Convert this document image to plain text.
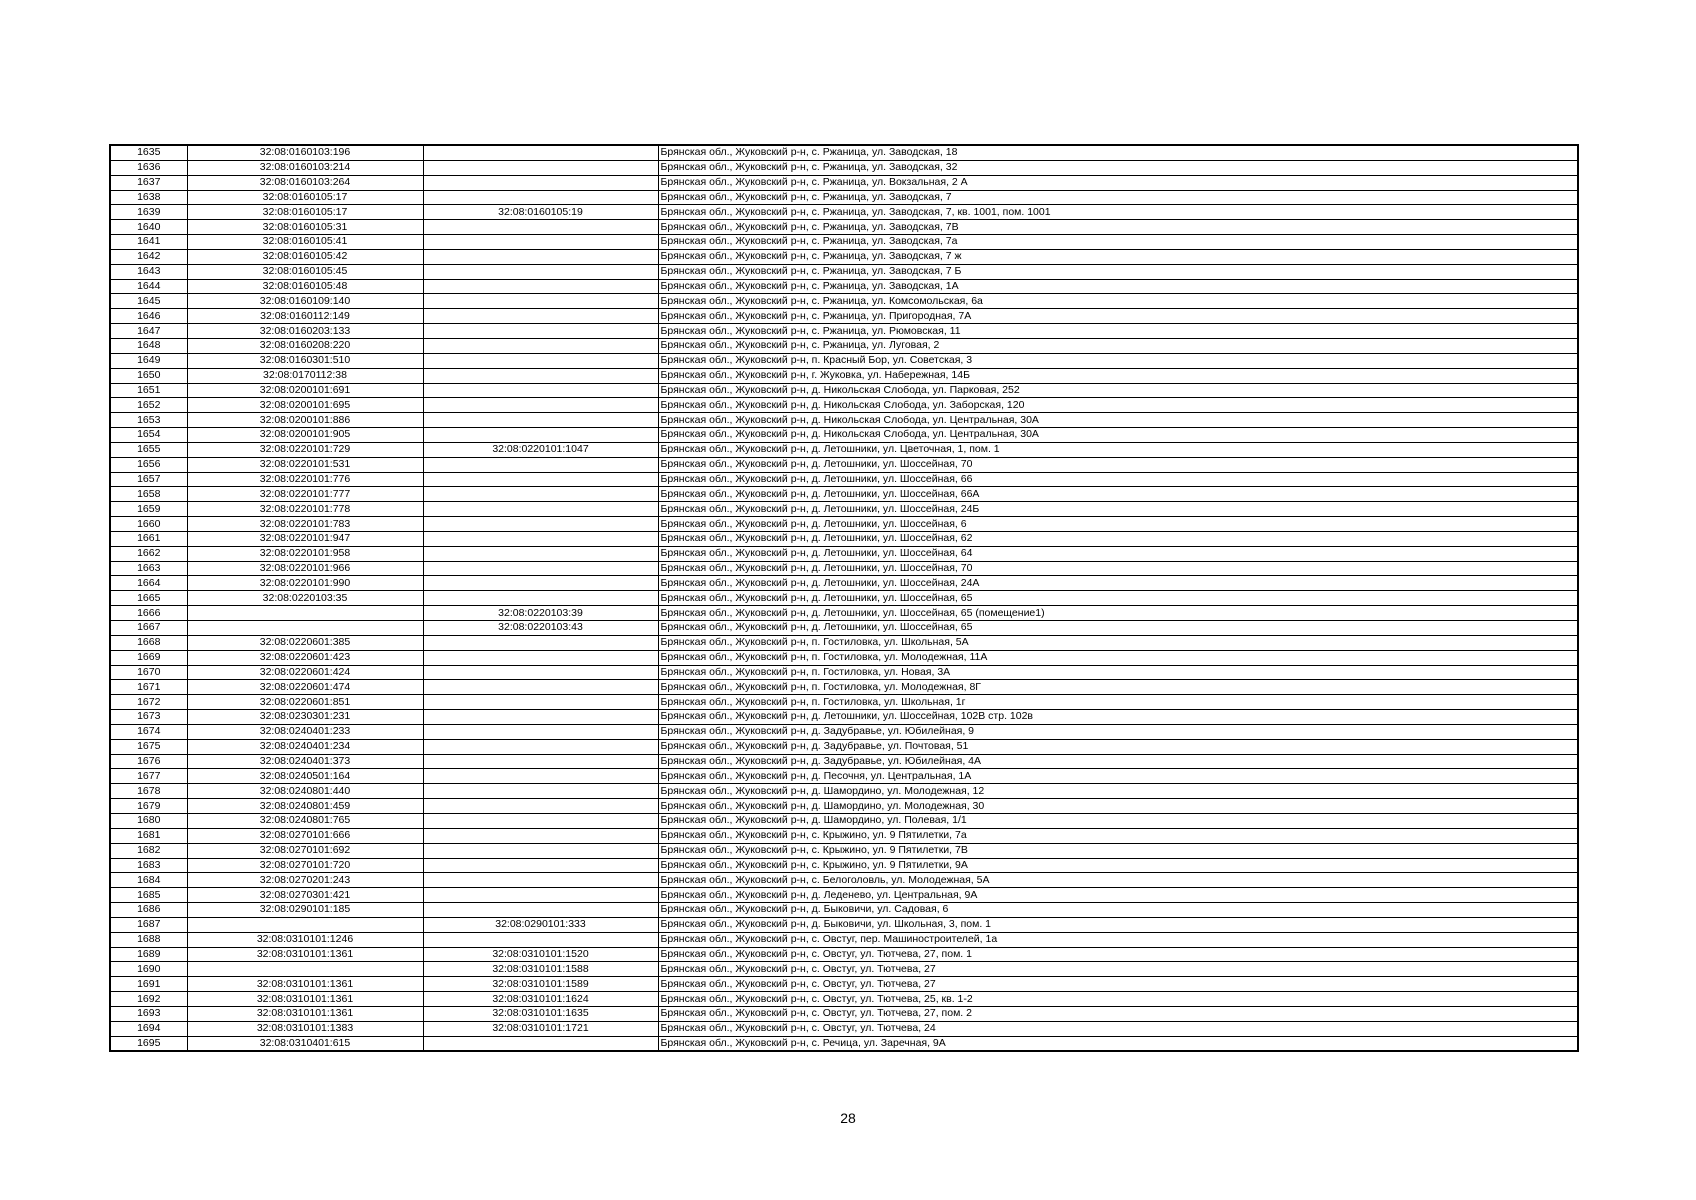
1635	32:08:0160103:196		Брянская обл., Жуковский р-н, с. Ржаница, ул. Заводская, 18
1636	32:08:0160103:214		Брянская обл., Жуковский р-н, с. Ржаница, ул. Заводская, 32
1637	32:08:0160103:264		Брянская обл., Жуковский р-н, с. Ржаница, ул. Вокзальная, 2 А
1638	32:08:0160105:17		Брянская обл., Жуковский р-н, с. Ржаница, ул. Заводская, 7
1639	32:08:0160105:17	32:08:0160105:19	Брянская обл., Жуковский р-н, с. Ржаница, ул. Заводская, 7, кв. 1001, пом. 1001
1640	32:08:0160105:31		Брянская обл., Жуковский р-н, с. Ржаница, ул. Заводская, 7В
1641	32:08:0160105:41		Брянская обл., Жуковский р-н, с. Ржаница, ул. Заводская, 7а
1642	32:08:0160105:42		Брянская обл., Жуковский р-н, с. Ржаница, ул. Заводская, 7 ж
1643	32:08:0160105:45		Брянская обл., Жуковский р-н, с. Ржаница, ул. Заводская, 7 Б
1644	32:08:0160105:48		Брянская обл., Жуковский р-н, с. Ржаница, ул. Заводская, 1А
1645	32:08:0160109:140		Брянская обл., Жуковский р-н, с. Ржаница, ул. Комсомольская, 6а
1646	32:08:0160112:149		Брянская обл., Жуковский р-н, с. Ржаница, ул. Пригородная, 7А
1647	32:08:0160203:133		Брянская обл., Жуковский р-н, с. Ржаница, ул. Рюмовская, 11
1648	32:08:0160208:220		Брянская обл., Жуковский р-н, с. Ржаница, ул. Луговая, 2
1649	32:08:0160301:510		Брянская обл., Жуковский р-н, п. Красный Бор, ул. Советская, 3
1650	32:08:0170112:38		Брянская обл., Жуковский р-н, г. Жуковка, ул. Набережная, 14Б
1651	32:08:0200101:691		Брянская обл., Жуковский р-н, д. Никольская Слобода, ул. Парковая, 252
1652	32:08:0200101:695		Брянская обл., Жуковский р-н, д. Никольская Слобода, ул. Заборская, 120
1653	32:08:0200101:886		Брянская обл., Жуковский р-н, д. Никольская Слобода, ул. Центральная, 30А
1654	32:08:0200101:905		Брянская обл., Жуковский р-н, д. Никольская Слобода, ул. Центральная, 30А
1655	32:08:0220101:729	32:08:0220101:1047	Брянская обл., Жуковский р-н, д. Летошники, ул. Цветочная, 1, пом. 1
1656	32:08:0220101:531		Брянская обл., Жуковский р-н, д. Летошники, ул. Шоссейная, 70
1657	32:08:0220101:776		Брянская обл., Жуковский р-н, д. Летошники, ул. Шоссейная, 66
1658	32:08:0220101:777		Брянская обл., Жуковский р-н, д. Летошники, ул. Шоссейная, 66А
1659	32:08:0220101:778		Брянская обл., Жуковский р-н, д. Летошники, ул. Шоссейная, 24Б
1660	32:08:0220101:783		Брянская обл., Жуковский р-н, д. Летошники, ул. Шоссейная, 6
1661	32:08:0220101:947		Брянская обл., Жуковский р-н, д. Летошники, ул. Шоссейная, 62
1662	32:08:0220101:958		Брянская обл., Жуковский р-н, д. Летошники, ул. Шоссейная, 64
1663	32:08:0220101:966		Брянская обл., Жуковский р-н, д. Летошники, ул. Шоссейная, 70
1664	32:08:0220101:990		Брянская обл., Жуковский р-н, д. Летошники, ул. Шоссейная, 24А
1665	32:08:0220103:35		Брянская обл., Жуковский р-н, д. Летошники, ул. Шоссейная, 65
1666		32:08:0220103:39	Брянская обл., Жуковский р-н, д. Летошники, ул. Шоссейная, 65 (помещение1)
1667		32:08:0220103:43	Брянская обл., Жуковский р-н, д. Летошники, ул. Шоссейная, 65
1668	32:08:0220601:385		Брянская обл., Жуковский р-н, п. Гостиловка, ул. Школьная, 5А
1669	32:08:0220601:423		Брянская обл., Жуковский р-н, п. Гостиловка, ул. Молодежная, 11А
1670	32:08:0220601:424		Брянская обл., Жуковский р-н, п. Гостиловка, ул. Новая, 3А
1671	32:08:0220601:474		Брянская обл., Жуковский р-н, п. Гостиловка, ул. Молодежная, 8Г
1672	32:08:0220601:851		Брянская обл., Жуковский р-н, п. Гостиловка, ул. Школьная, 1г
1673	32:08:0230301:231		Брянская обл., Жуковский р-н, д. Летошники, ул. Шоссейная, 102В стр. 102в
1674	32:08:0240401:233		Брянская обл., Жуковский р-н, д. Задубравье, ул. Юбилейная, 9
1675	32:08:0240401:234		Брянская обл., Жуковский р-н, д. Задубравье, ул. Почтовая, 51
1676	32:08:0240401:373		Брянская обл., Жуковский р-н, д. Задубравье, ул. Юбилейная, 4А
1677	32:08:0240501:164		Брянская обл., Жуковский р-н, д. Песочня, ул. Центральная, 1А
1678	32:08:0240801:440		Брянская обл., Жуковский р-н, д. Шамордино, ул. Молодежная, 12
1679	32:08:0240801:459		Брянская обл., Жуковский р-н, д. Шамордино, ул. Молодежная, 30
1680	32:08:0240801:765		Брянская обл., Жуковский р-н, д. Шамордино, ул. Полевая, 1/1
1681	32:08:0270101:666		Брянская обл., Жуковский р-н, с. Крыжино, ул. 9 Пятилетки, 7а
1682	32:08:0270101:692		Брянская обл., Жуковский р-н, с. Крыжино, ул. 9 Пятилетки, 7В
1683	32:08:0270101:720		Брянская обл., Жуковский р-н, с. Крыжино, ул. 9 Пятилетки, 9А
1684	32:08:0270201:243		Брянская обл., Жуковский р-н, с. Белоголовль, ул. Молодежная, 5А
1685	32:08:0270301:421		Брянская обл., Жуковский р-н, д. Леденево, ул. Центральная, 9А
1686	32:08:0290101:185		Брянская обл., Жуковский р-н, д. Быковичи, ул. Садовая, 6
1687		32:08:0290101:333	Брянская обл., Жуковский р-н, д. Быковичи, ул. Школьная, 3, пом. 1
1688	32:08:0310101:1246		Брянская обл., Жуковский р-н, с. Овстуг, пер. Машиностроителей, 1а
1689	32:08:0310101:1361	32:08:0310101:1520	Брянская обл., Жуковский р-н, с. Овстуг, ул. Тютчева, 27, пом. 1
1690		32:08:0310101:1588	Брянская обл., Жуковский р-н, с. Овстуг, ул. Тютчева, 27
1691	32:08:0310101:1361	32:08:0310101:1589	Брянская обл., Жуковский р-н, с. Овстуг, ул. Тютчева, 27
1692	32:08:0310101:1361	32:08:0310101:1624	Брянская обл., Жуковский р-н, с. Овстуг, ул. Тютчева, 25, кв. 1-2
1693	32:08:0310101:1361	32:08:0310101:1635	Брянская обл., Жуковский р-н, с. Овстуг, ул. Тютчева, 27, пом. 2
1694	32:08:0310101:1383	32:08:0310101:1721	Брянская обл., Жуковский р-н, с. Овстуг, ул. Тютчева, 24
1695	32:08:0310401:615		Брянская обл., Жуковский р-н, с. Речица, ул. Заречная, 9А
28
